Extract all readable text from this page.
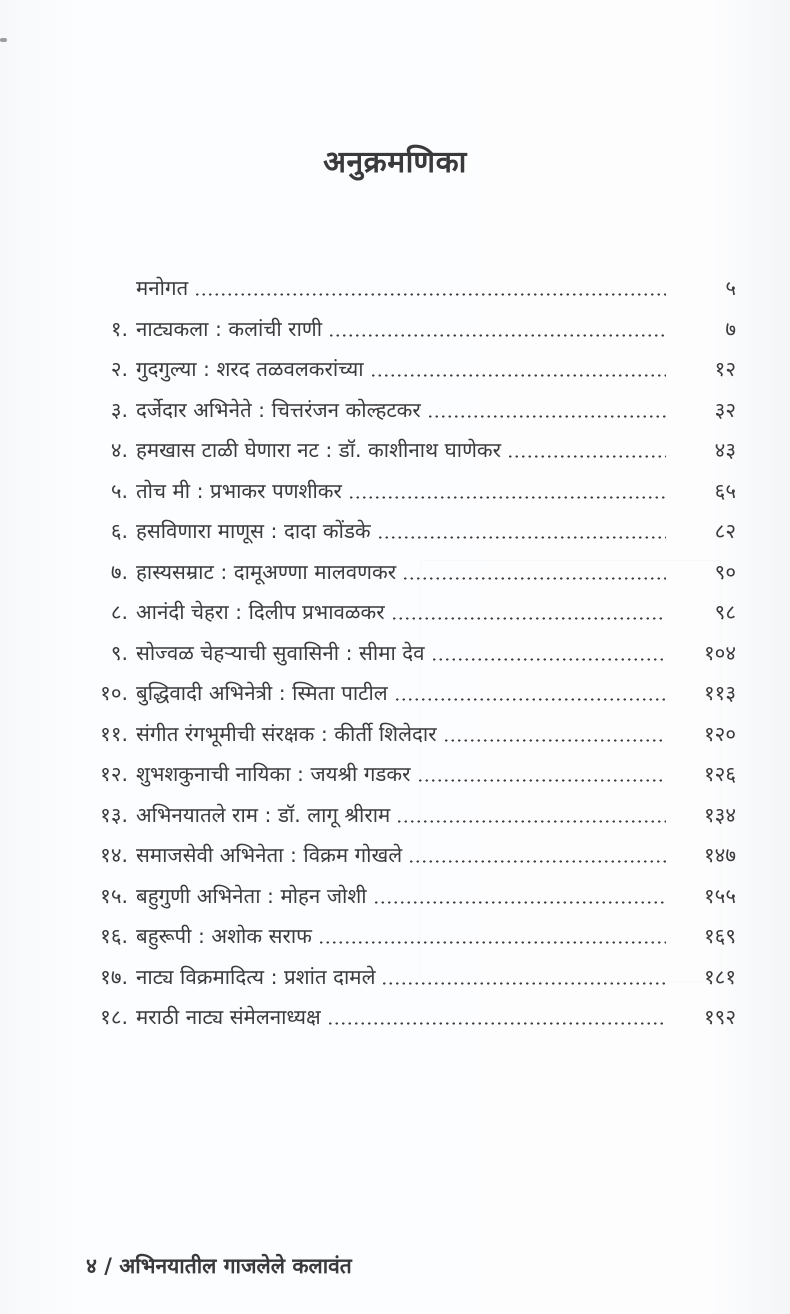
अनुक्रमणिका
मनोगत	५
१. नाट्यकला : कलांची राणी	७
२. गुदगुल्या : शरद तळवलकरांच्या	१२
३. दर्जेदार अभिनेते : चित्तरंजन कोल्हटकर	३२
४. हमखास टाळी घेणारा नट : डॉ. काशीनाथ घाणेकर	४३
५. तोच मी : प्रभाकर पणशीकर	६५
६. हसविणारा माणूस : दादा कोंडके	८२
७. हास्यसम्राट : दामूअण्णा मालवणकर	९०
८. आनंदी चेहरा : दिलीप प्रभावळकर	९८
९. सोज्वळ चेहऱ्याची सुवासिनी : सीमा देव	१०४
१०. बुद्धिवादी अभिनेत्री : स्मिता पाटील	११३
११. संगीत रंगभूमीची संरक्षक : कीर्ती शिलेदार	१२०
१२. शुभशकुनाची नायिका : जयश्री गडकर	१२६
१३. अभिनयातले राम : डॉ. लागू श्रीराम	१३४
१४. समाजसेवी अभिनेता : विक्रम गोखले	१४७
१५. बहुगुणी अभिनेता : मोहन जोशी	१५५
१६. बहुरूपी : अशोक सराफ	१६९
१७. नाट्य विक्रमादित्य : प्रशांत दामले	१८१
१८. मराठी नाट्य संमेलनाध्यक्ष	१९२
४ / अभिनयातील गाजलेले कलावंत
